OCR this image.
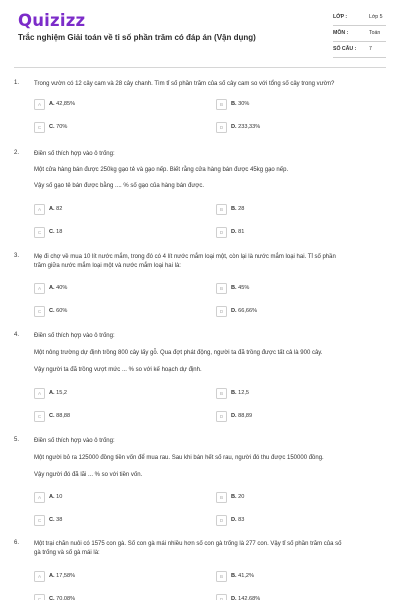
Quizizz
Trắc nghiệm Giải toán về tỉ số phần trăm có đáp án (Vận dụng)
LỚP :	Lớp 5
MÔN :	Toán
SỐ CÂU : 7
1. Trong vườn có 12 cây cam và 28 cây chanh. Tìm tỉ số phần trăm của số cây cam so với tổng số cây trong vườn?
A	A. 42,85%	B	B. 30%
C	C. 70%	D	D. 233,33%
2. Điền số thích hợp vào ô trống:
Một cửa hàng bán được 250kg gạo tẻ và gạo nếp. Biết rằng cửa hàng bán được 45kg gạo nếp.
Vậy số gạo tẻ bán được bằng .... % số gạo của hàng bán được.
A	A. 82	B	B. 28
C	C. 18	D	D. 81
3. Mẹ đi chợ về mua 10 lít nước mắm, trong đó có 4 lít nước mắm loại một, còn lại là nước mắm loại hai. Tỉ số phần
trăm giữa nước mắm loại một và nước mắm loại hai là:
A	A. 40%	B	B. 45%
C	C. 60%	D	D. 66,66%
4. Điền số thích hợp vào ô trống:
Một nông trường dự định trồng 800 cây lấy gỗ. Qua đợt phát động, người ta đã trồng được tất cả là 900 cây.
Vậy người ta đã trồng vượt mức ... % so với kế hoạch dự định.
A	A. 15,2	B	B. 12,5
C	C. 88,88	D	D. 88,89
5. Điền số thích hợp vào ô trống:
Một người bỏ ra 125000 đồng tiền vốn để mua rau. Sau khi bán hết số rau, người đó thu được 150000 đồng.
Vậy người đó đã lãi ... % so với tiền vốn.
A	A. 10	B	B. 20
C	C. 38	D	D. 83
6. Một trại chăn nuôi có 1575 con gà. Số con gà mái nhiều hơn số con gà trống là 277 con. Vậy tỉ số phần trăm của số
gà trống và số gà mái là:
A	A. 17,58%	B	B. 41,2%
C	C. 70,08%	D	D. 142,68%
